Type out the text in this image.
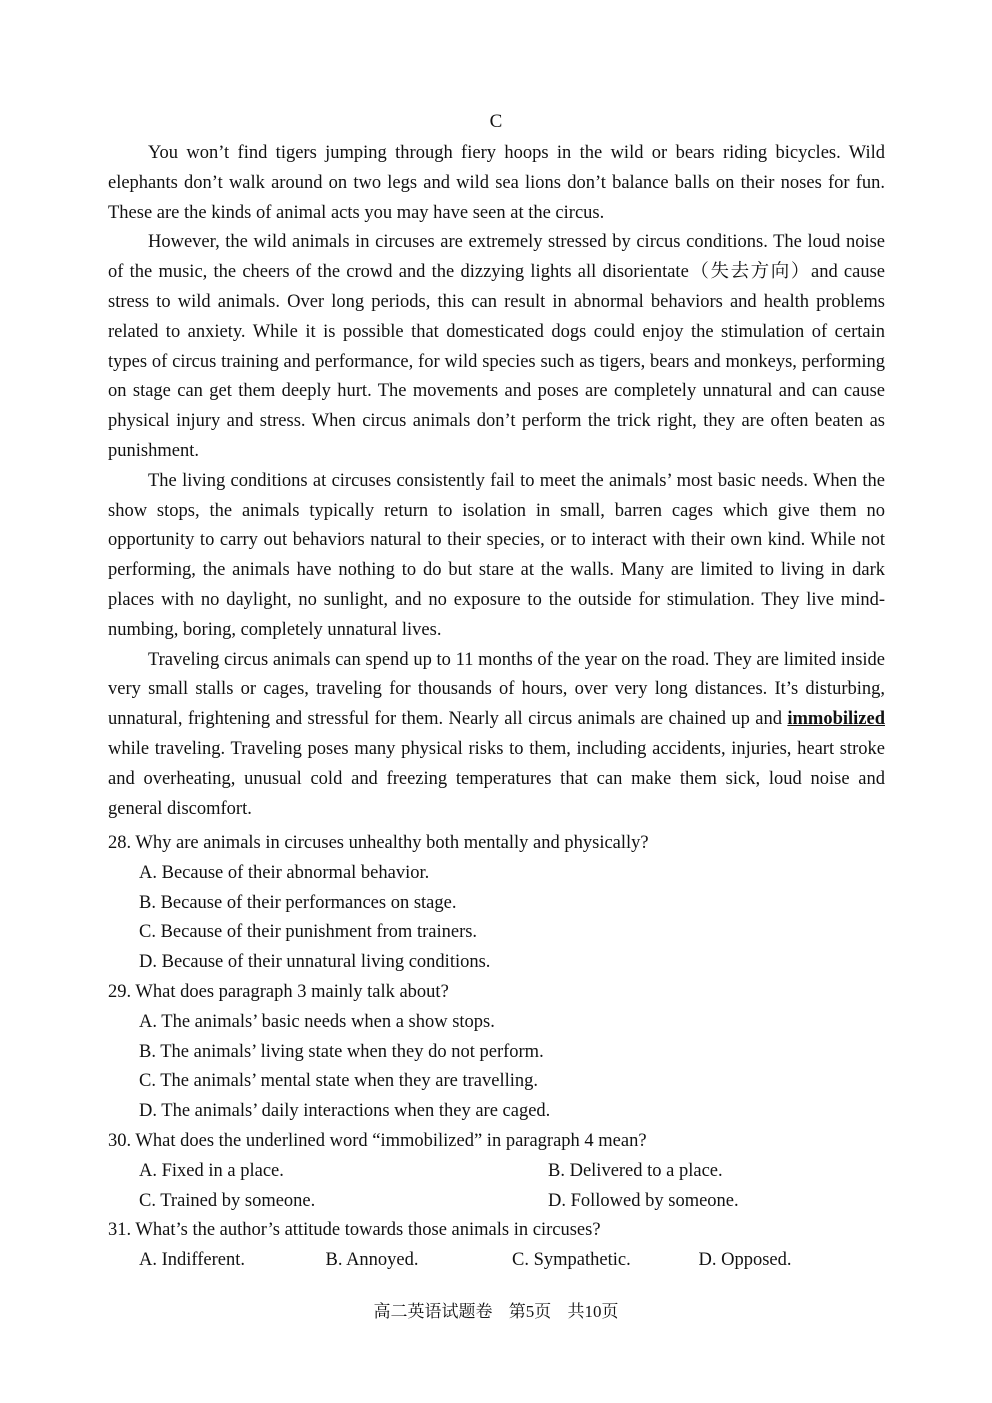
C

You won’t find tigers jumping through fiery hoops in the wild or bears riding bicycles. Wild elephants don’t walk around on two legs and wild sea lions don’t balance balls on their noses for fun. These are the kinds of animal acts you may have seen at the circus.

However, the wild animals in circuses are extremely stressed by circus conditions. The loud noise of the music, the cheers of the crowd and the dizzying lights all disorientate（失去方向）and cause stress to wild animals. Over long periods, this can result in abnormal behaviors and health problems related to anxiety. While it is possible that domesticated dogs could enjoy the stimulation of certain types of circus training and performance, for wild species such as tigers, bears and monkeys, performing on stage can get them deeply hurt. The movements and poses are completely unnatural and can cause physical injury and stress. When circus animals don’t perform the trick right, they are often beaten as punishment.

The living conditions at circuses consistently fail to meet the animals’ most basic needs. When the show stops, the animals typically return to isolation in small, barren cages which give them no opportunity to carry out behaviors natural to their species, or to interact with their own kind. While not performing, the animals have nothing to do but stare at the walls. Many are limited to living in dark places with no daylight, no sunlight, and no exposure to the outside for stimulation. They live mind-numbing, boring, completely unnatural lives.

Traveling circus animals can spend up to 11 months of the year on the road. They are limited inside very small stalls or cages, traveling for thousands of hours, over very long distances. It’s disturbing, unnatural, frightening and stressful for them. Nearly all circus animals are chained up and immobilized while traveling. Traveling poses many physical risks to them, including accidents, injuries, heart stroke and overheating, unusual cold and freezing temperatures that can make them sick, loud noise and general discomfort.

28. Why are animals in circuses unhealthy both mentally and physically?

A. Because of their abnormal behavior.

B. Because of their performances on stage.

C. Because of their punishment from trainers.

D. Because of their unnatural living conditions.

29. What does paragraph 3 mainly talk about?

A. The animals’ basic needs when a show stops.

B. The animals’ living state when they do not perform.

C. The animals’ mental state when they are travelling.

D. The animals’ daily interactions when they are caged.

30. What does the underlined word “immobilized” in paragraph 4 mean?

A. Fixed in a place.	B. Delivered to a place.
C. Trained by someone.	D. Followed by someone.

31. What’s the author’s attitude towards those animals in circuses?

A. Indifferent.	B. Annoyed.	C. Sympathetic.	D. Opposed.
高二英语试题卷 第5页 共10页
